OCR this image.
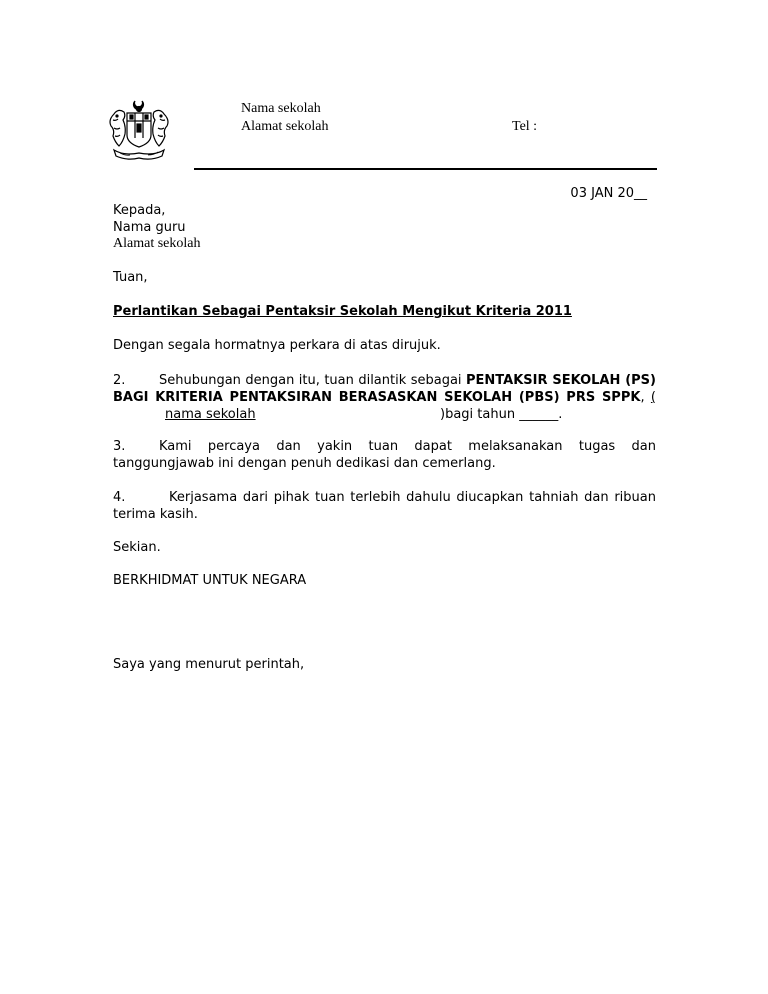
Nama sekolah
Alamat sekolah	Tel :
03 JAN 20__
Kepada,
Nama guru
Alamat sekolah
Tuan,
Perlantikan Sebagai Pentaksir Sekolah Mengikut Kriteria 2011
Dengan segala hormatnya perkara di atas dirujuk.
2.	Sehubungan dengan itu, tuan dilantik sebagai PENTAKSIR SEKOLAH (PS) BAGI KRITERIA PENTAKSIRAN BERASASKAN SEKOLAH (PBS) PRS SPPK, (nama sekolah	)bagi tahun ______.
3.	Kami percaya dan yakin tuan dapat melaksanakan tugas dan tanggungjawab ini dengan penuh dedikasi dan cemerlang.
4.	Kerjasama dari pihak tuan terlebih dahulu diucapkan tahniah dan ribuan terima kasih.
Sekian.
BERKHIDMAT UNTUK NEGARA
Saya yang menurut perintah,
